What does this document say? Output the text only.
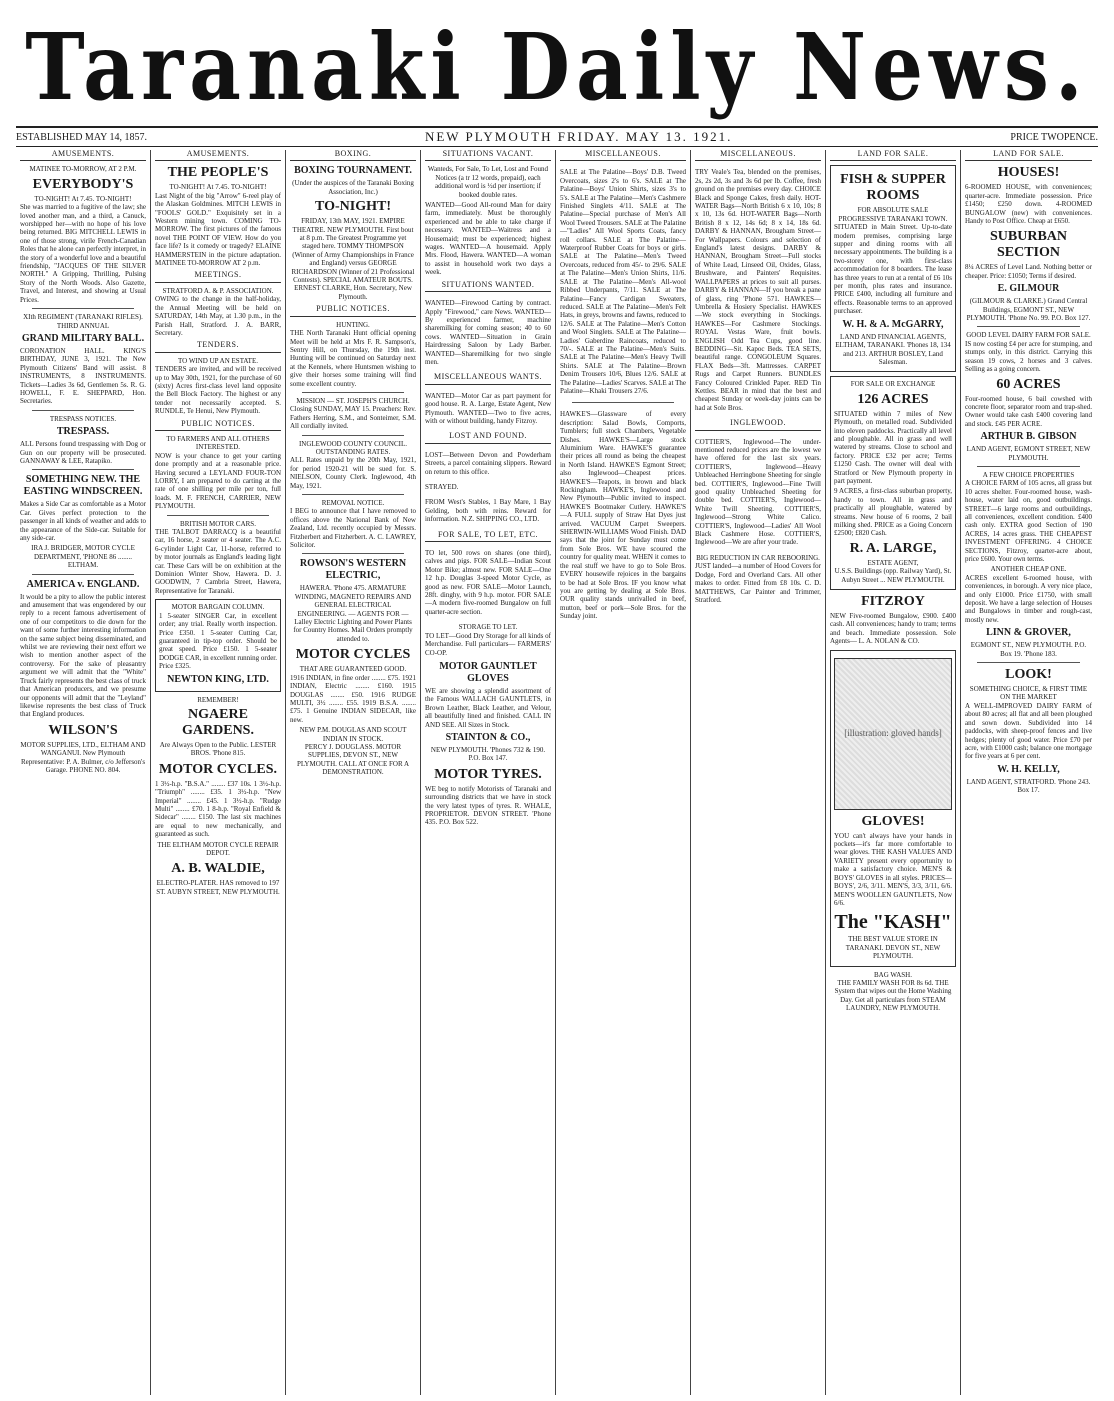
Taranaki Daily News.
ESTABLISHED MAY 14, 1857.	NEW PLYMOUTH FRIDAY. MAY 13. 1921.	PRICE TWOPENCE.
AMUSEMENTS.
MATINEE TO-MORROW, AT 2 P.M.
EVERYBODY'S
TO-NIGHT! At 7.45. TO-NIGHT!

She was married to a fugitive of the law; she loved another man, and a third, a Canuck, worshipped her—with no hope of his love being returned. BIG MITCHELL LEWIS in one of those strong, virile French-Canadian Roles that he alone can perfectly interpret, in the story of a wonderful love and a beautiful friendship, "JACQUES OF THE SILVER NORTH." A Gripping, Thrilling, Pulsing Story of the North Woods. Also Gazette, Travel, and Interest, and showing at Usual Prices.

XIth REGIMENT (TARANAKI RIFLES).
THIRD ANNUAL
GRAND MILITARY BALL.

CORONATION HALL. KING'S BIRTHDAY, JUNE 3, 1921. The New Plymouth Citizens' Band will assist. 8 INSTRUMENTS, 8 INSTRUMENTS. Tickets—Ladies 3s 6d, Gentlemen 5s. R. G. HOWELL, F. E. SHEPPARD, Hon. Secretaries.

TRESPASS NOTICES.
TRESPASS.

ALL Persons found trespassing with Dog or Gun on our property will be prosecuted. GANNAWAY & LEE, Ratapiko.

SOMETHING NEW. THE EASTING WINDSCREEN.

Makes a Side Car as comfortable as a Motor Car. Gives perfect protection to the passenger in all kinds of weather and adds to the appearance of the Side-car. Suitable for any side-car.

IRA J. BRIDGER, MOTOR CYCLE DEPARTMENT, 'PHONE 86 ........ ELTHAM.
AMERICA v. ENGLAND.

It would be a pity to allow the public interest and amusement that was engendered by our reply to a recent famous advertisement of one of our competitors to die down for the want of some further interesting information on the same subject being disseminated, and whilst we are reviewing their next effort we wish to mention another aspect of the controversy. For the sake of pleasantry argument we will admit that the "White" Truck fairly represents the best class of truck that American producers, and we presume our opponents will admit that the "Leyland" likewise represents the best class of Truck that England produces.

WILSON'S

MOTOR SUPPLIES, LTD., ELTHAM AND WANGANUI. New Plymouth Representative: P. A. Bulmer, c/o Jefferson's Garage. PHONE NO. 804.

AMUSEMENTS.
THE PEOPLE'S
TO-NIGHT! At 7.45. TO-NIGHT!

Last Night of the big "Arrow" 6-reel play of the Alaskan Goldmines. MITCH LEWIS in "FOOLS' GOLD." Exquisitely set in a Western mining town. COMING TO-MORROW. The first pictures of the famous novel THE POINT OF VIEW. How do you face life? Is it comedy or tragedy? ELAINE HAMMERSTEIN in the picture adaptation. MATINEE TO-MORROW AT 2 p.m.

MEETINGS.
STRATFORD A. & P. ASSOCIATION.

OWING to the change in the half-holiday, the Annual Meeting will be held on SATURDAY, 14th May, at 1.30 p.m., in the Parish Hall, Stratford. J. A. BARR, Secretary.

TENDERS.
TO WIND UP AN ESTATE.

TENDERS are invited, and will be received up to May 30th, 1921, for the purchase of 60 (sixty) Acres first-class level land opposite the Bell Block Factory. The highest or any tender not necessarily accepted. S. RUNDLE, Te Henui, New Plymouth.

PUBLIC NOTICES.
TO FARMERS AND ALL OTHERS INTERESTED.

NOW is your chance to get your carting done promptly and at a reasonable price. Having secured a LEYLAND FOUR-TON LORRY, I am prepared to do carting at the rate of one shilling per mile per ton, full loads. M. F. FRENCH, CARRIER, NEW PLYMOUTH.

BRITISH MOTOR CARS.

THE TALBOT DARRACQ is a beautiful car, 16 horse, 2 seater or 4 seater. The A.C. 6-cylinder Light Car, 11-horse, referred to by motor journals as England's leading light car. These Cars will be on exhibition at the Dominion Winter Show, Hawera. D. J. GOODWIN, 7 Cambria Street, Hawera, Representative for Taranaki.

MOTOR BARGAIN COLUMN.

1 5-seater SINGER Car, in excellent order; any trial. Really worth inspection. Price £350. 1 5-seater Cutting Car, guaranteed in tip-top order. Should be great speed. Price £150. 1 5-seater DODGE CAR, in excellent running order. Price £325.

NEWTON KING, LTD.
REMEMBER!
NGAERE GARDENS.

Are Always Open to the Public. LESTER BROS. 'Phone 815.

MOTOR CYCLES.

1 3½-h.p. "B.S.A." ........ £37 10s. 1 3½-h.p. "Triumph" ........ £35. 1 3½-h.p. "New Imperial" ........ £45. 1 3½-h.p. "Rudge Multi" ........ £70. 1 8-h.p. "Royal Enfield & Sidecar" ........ £150. The last six machines are equal to new mechanically, and guaranteed as such.

THE ELTHAM MOTOR CYCLE REPAIR DEPOT.
A. B. WALDIE,

ELECTRO-PLATER. HAS removed to 197 ST. AUBYN STREET, NEW PLYMOUTH.

BOXING.
BOXING TOURNAMENT.
(Under the auspices of the Taranaki Boxing Association, Inc.)
TO-NIGHT!

FRIDAY, 13th MAY, 1921. EMPIRE THEATRE. NEW PLYMOUTH. First bout at 8 p.m. The Greatest Programme yet staged here. TOMMY THOMPSON (Winner of Army Championships in France and England) versus GEORGE RICHARDSON (Winner of 21 Professional Contests). SPECIAL AMATEUR BOUTS. ERNEST CLARKE, Hon. Secretary, New Plymouth.

PUBLIC NOTICES.
HUNTING.

THE North Taranaki Hunt official opening Meet will be held at Mrs F. R. Sampson's, Sentry Hill, on Thursday, the 19th inst. Hunting will be continued on Saturday next at the Kennels, where Huntsmen wishing to give their horses some training will find some excellent country.

MISSION — ST. JOSEPH'S CHURCH.

Closing SUNDAY, MAY 15. Preachers: Rev. Fathers Herring, S.M., and Sonteimer, S.M. All cordially invited.

INGLEWOOD COUNTY COUNCIL.
OUTSTANDING RATES.

ALL Rates unpaid by the 20th May, 1921, for period 1920-21 will be sued for. S. NIELSON, County Clerk. Inglewood, 4th May, 1921.

REMOVAL NOTICE.

I BEG to announce that I have removed to offices above the National Bank of New Zealand, Ltd. recently occupied by Messrs. Fitzherbert and Fitzherbert. A. C. LAWREY, Solicitor.

ROWSON'S WESTERN ELECTRIC,

HAWERA. 'Phone 475. ARMATURE WINDING, MAGNETO REPAIRS AND GENERAL ELECTRICAL ENGINEERING. — AGENTS FOR — Lalley Electric Lighting and Power Plants for Country Homes. Mail Orders promptly attended to.

MOTOR CYCLES
THAT ARE GUARANTEED GOOD.

1916 INDIAN, in fine order ........ £75. 1921 INDIAN, Electric ........ £160. 1915 DOUGLAS ........ £50. 1916 RUDGE MULTI, 3½ ........ £55. 1919 B.S.A. ........ £75. 1 Genuine INDIAN SIDECAR, like new.

NEW P.M. DOUGLAS AND SCOUT INDIAN IN STOCK.

PERCY J. DOUGLASS. MOTOR SUPPLIES, DEVON ST., NEW PLYMOUTH. CALL AT ONCE FOR A DEMONSTRATION.

SITUATIONS VACANT.

Wanteds, For Sale, To Let, Lost and Found Notices (a tr 12 words, prepaid), each additional word is ½d per insertion; if booked double rates.

WANTED—Good All-round Man for dairy farm, immediately. Must be thoroughly experienced and be able to take charge if necessary. WANTED—Waitress and a Housemaid; must be experienced; highest wages. WANTED—A housemaid. Apply Mrs. Flood, Hawera. WANTED—A woman to assist in household work two days a week.

SITUATIONS WANTED.

WANTED—Firewood Carting by contract. Apply "Firewood," care News. WANTED—By experienced farmer, machine sharemilking for coming season; 40 to 60 cows. WANTED—Situation in Grain Hairdressing Saloon by Lady Barber. WANTED—Sharemilking for two single men.

MISCELLANEOUS WANTS.

WANTED—Motor Car as part payment for good house. R. A. Large, Estate Agent, New Plymouth. WANTED—Two to five acres, with or without building, handy Fitzroy.

LOST AND FOUND.

LOST—Between Devon and Powderham Streets, a parcel containing slippers. Reward on return to this office.

STRAYED.

FROM West's Stables, 1 Bay Mare, 1 Bay Gelding, both with reins. Reward for information. N.Z. SHIPPING CO., LTD.

FOR SALE, TO LET, ETC.

TO let, 500 rows on shares (one third), calves and pigs. FOR SALE—Indian Scout Motor Bike; almost new. FOR SALE—One 12 h.p. Douglas 3-speed Motor Cycle, as good as new. FOR SALE—Motor Launch, 28ft. dinghy, with 9 h.p. motor. FOR SALE—A modern five-roomed Bungalow on full quarter-acre section.

STORAGE TO LET.

TO LET—Good Dry Storage for all kinds of Merchandise. Full particulars— FARMERS' CO-OP.

MOTOR GAUNTLET GLOVES

WE are showing a splendid assortment of the Famous WALLACH GAUNTLETS, in Brown Leather, Black Leather, and Velour, all beautifully lined and finished. CALL IN AND SEE. All Sizes in Stock.

STAINTON & CO.,

NEW PLYMOUTH. 'Phones 732 & 190. P.O. Box 147.

MOTOR TYRES.

WE beg to notify Motorists of Taranaki and surrounding districts that we have in stock the very latest types of tyres. R. WHALE, PROPRIETOR. DEVON STREET. 'Phone 435. P.O. Box 522.

MISCELLANEOUS.

SALE at The Palatine—Boys' D.B. Tweed Overcoats, sizes 2's to 6's. SALE at The Palatine—Boys' Union Shirts, sizes 3's to 5's. SALE at The Palatine—Men's Cashmere Finished Singlets 4/11. SALE at The Palatine—Special purchase of Men's All Wool Tweed Trousers. SALE at The Palatine—"Ladies" All Wool Sports Coats, fancy roll collars. SALE at The Palatine—Waterproof Rubber Coats for boys or girls. SALE at The Palatine—Men's Tweed Overcoats, reduced from 45/- to 29/6. SALE at The Palatine—Men's Union Shirts, 11/6. SALE at The Palatine—Men's All-wool Ribbed Underpants, 7/11. SALE at The Palatine—Fancy Cardigan Sweaters, reduced. SALE at The Palatine—Men's Felt Hats, in greys, browns and fawns, reduced to 12/6. SALE at The Palatine—Men's Cotton and Wool Singlets. SALE at The Palatine—Ladies' Gaberdine Raincoats, reduced to 70/-. SALE at The Palatine—Men's Suits. SALE at The Palatine—Men's Heavy Twill Shirts. SALE at The Palatine—Brown Denim Trousers 10/6, Blues 12/6. SALE at The Palatine—Ladies' Scarves. SALE at The Palatine—Khaki Trousers 27/6.

HAWKE'S—Glassware of every description: Salad Bowls, Comports, Tumblers; full stock Chambers, Vegetable Dishes. HAWKE'S—Large stock Aluminium Ware. HAWKE'S guarantee their prices all round as being the cheapest in North Island. HAWKE'S Egmont Street; also Inglewood—Cheapest prices. HAWKE'S—Teapots, in brown and black Rockingham. HAWKE'S, Inglewood and New Plymouth—Public invited to inspect. HAWKE'S Bootmaker Cutlery. HAWKE'S—A FULL supply of Straw Hat Dyes just arrived. VACUUM Carpet Sweepers. SHERWIN-WILLIAMS Wood Finish. DAD says that the joint for Sunday must come from Sole Bros. WE have scoured the country for quality meat. WHEN it comes to the real stuff we have to go to Sole Bros. EVERY housewife rejoices in the bargains to be had at Sole Bros. IF you know what you are getting by dealing at Sole Bros. OUR quality stands unrivalled in beef, mutton, beef or pork—Sole Bros. for the Sunday joint.

MISCELLANEOUS.

TRY Veale's Tea, blended on the premises, 2s, 2s 2d, 3s and 3s 6d per lb. Coffee, fresh ground on the premises every day. CHOICE Black and Sponge Cakes, fresh daily. HOT-WATER Bags—North British 6 x 10, 10s; 8 x 10, 13s 6d. HOT-WATER Bags—North British 8 x 12, 14s 6d; 8 x 14, 18s 6d. DARBY & HANNAN, Brougham Street—For Wallpapers. Colours and selection of England's latest designs. DARBY & HANNAN, Brougham Street—Full stocks of White Lead, Linseed Oil, Oxides, Glass, Brushware, and Painters' Requisites. WALLPAPERS at prices to suit all purses. DARBY & HANNAN—If you break a pane of glass, ring 'Phone 571. HAWKES—Umbrella & Hosiery Specialist. HAWKES—We stock everything in Stockings. HAWKES—For Cashmere Stockings. ROYAL Vestas Ware, fruit bowls. ENGLISH Odd Tea Cups, good line. BEDDING—Sit. Kapoc Beds. TEA SETS, beautiful range. CONGOLEUM Squares. FLAX Beds—3ft. Mattresses. CARPET Rugs and Carpet Runners. BUNDLES Fancy Coloured Crinkled Paper. RED Tin Kettles. BEAR in mind that the best and cheapest Sunday or week-day joints can be had at Sole Bros.

INGLEWOOD.

COTTIER'S, Inglewood—The under-mentioned reduced prices are the lowest we have offered for the last six years. COTTIER'S, Inglewood—Heavy Unbleached Herringbone Sheeting for single bed. COTTIER'S, Inglewood—Fine Twill good quality Unbleached Sheeting for double bed. COTTIER'S, Inglewood—White Twill Sheeting. COTTIER'S, Inglewood—Strong White Calico. COTTIER'S, Inglewood—Ladies' All Wool Black Cashmere Hose. COTTIER'S, Inglewood—We are after your trade.

BIG REDUCTION IN CAR REBOORING.

JUST landed—a number of Hood Covers for Dodge, Ford and Overland Cars. All other makes to order. Fitted from £8 10s. C. D. MATTHEWS, Car Painter and Trimmer, Stratford.

LAND FOR SALE.
FISH & SUPPER ROOMS
FOR ABSOLUTE SALE
PROGRESSIVE TARANAKI TOWN.

SITUATED in Main Street. Up-to-date modern premises, comprising large supper and dining rooms with all necessary appointments. The building is a two-storey one, with first-class accommodation for 8 boarders. The lease has three years to run at a rental of £6 10s per month, plus rates and insurance. PRICE £400, including all furniture and effects. Reasonable terms to an approved purchaser.

W. H. & A. McGARRY,
LAND AND FINANCIAL AGENTS,

ELTHAM, TARANAKI. 'Phones 18, 134 and 213. ARTHUR BOSLEY, Land Salesman.

FOR SALE OR EXCHANGE
126 ACRES

SITUATED within 7 miles of New Plymouth, on metalled road. Subdivided into eleven paddocks. Practically all level and ploughable. All in grass and well watered by streams. Close to school and factory. PRICE £32 per acre; Terms £1250 Cash. The owner will deal with Stratford or New Plymouth property in part payment.

9 ACRES, a first-class suburban property, handy to town. All in grass and practically all ploughable, watered by streams. New house of 6 rooms, 2 bail milking shed. PRICE as a Going Concern £2500; £820 Cash.

R. A. LARGE,
ESTATE AGENT,

U.S.S. Buildings (opp. Railway Yard), St. Aubyn Street ... NEW PLYMOUTH.

FITZROY

NEW Five-roomed Bungalow, £900. £400 cash. All conveniences; handy to tram; terms and beach. Immediate possession. Sole Agents— L. A. NOLAN & CO.

[illustration: gloved hands]
GLOVES!

YOU can't always have your hands in pockets—it's far more comfortable to wear gloves. THE KASH VALUES AND VARIETY present every opportunity to make a satisfactory choice. MEN'S & BOYS' GLOVES in all styles. PRICES— BOYS', 2/6, 3/11. MEN'S, 3/3, 3/11, 6/6. MEN'S WOOLLEN GAUNTLETS, Now 6/6.

The "KASH"

THE BEST VALUE STORE IN TARANAKI. DEVON ST., NEW PLYMOUTH.

BAG WASH.

THE FAMILY WASH FOR 8s 6d. THE System that wipes out the Home Washing Day. Get all particulars from STEAM LAUNDRY, NEW PLYMOUTH.

LAND FOR SALE.
HOUSES!

6-ROOMED HOUSE, with conveniences; quarter-acre. Immediate possession. Price £1450; £250 down. 4-ROOMED BUNGALOW (new) with conveniences. Handy to Post Office. Cheap at £650.

SUBURBAN SECTION

8¼ ACRES of Level Land. Nothing better or cheaper. Price: £1050; Terms if desired.

E. GILMOUR

(GILMOUR & CLARKE.) Grand Central Buildings, EGMONT ST., NEW PLYMOUTH. 'Phone No. 99. P.O. Box 127.

GOOD LEVEL DAIRY FARM FOR SALE.

IS now costing £4 per acre for stumping, and stumps only, in this district. Carrying this season 19 cows, 2 horses and 3 calves. Selling as a going concern.

60 ACRES

Four-roomed house, 6 bail cowshed with concrete floor, separator room and trap-shed. Owner would take cash £400 covering land and stock. £45 PER ACRE.

ARTHUR B. GIBSON

LAND AGENT, EGMONT STREET, NEW PLYMOUTH.

A FEW CHOICE PROPERTIES

A CHOICE FARM of 105 acres, all grass but 10 acres shelter. Four-roomed house, wash-house, water laid on, good outbuildings. STREET—6 large rooms and outbuildings, all conveniences, excellent condition. £400 cash only. EXTRA good Section of 190 ACRES, 14 acres grass. THE CHEAPEST INVESTMENT OFFERING. 4 CHOICE SECTIONS, Fitzroy, quarter-acre about, price £600. Your own terms.

ANOTHER CHEAP ONE.

ACRES excellent 6-roomed house, with conveniences, in borough. A very nice place, and only £1000. Price £1750, with small deposit. We have a large selection of Houses and Bungalows in timber and rough-cast, mostly new.

LINN & GROVER,

EGMONT ST., NEW PLYMOUTH. P.O. Box 19. 'Phone 183.

LOOK!
SOMETHING CHOICE, & FIRST TIME ON THE MARKET

A WELL-IMPROVED DAIRY FARM of about 80 acres; all flat and all been ploughed and sown down. Subdivided into 14 paddocks, with sheep-proof fences and live hedges; plenty of good water. Price £70 per acre, with £1000 cash; balance one mortgage for five years at 6 per cent.

W. H. KELLY,

LAND AGENT, STRATFORD. 'Phone 243. Box 17.
